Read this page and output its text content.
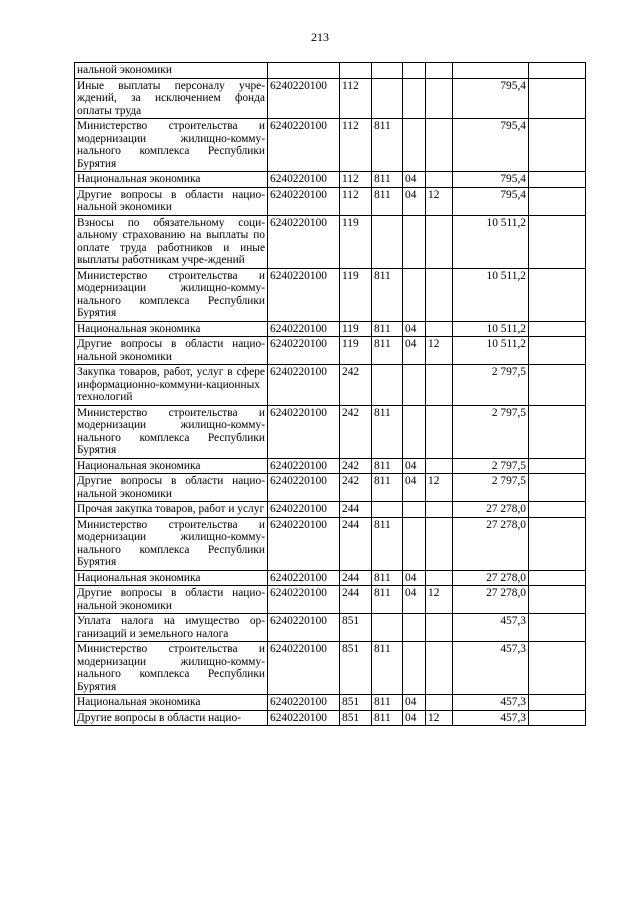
213
нальной экономики							
Иные выплаты персоналу учре-ждений, за исключением фонда оплаты труда	6240220100	112				795,4	
Министерство строительства и модернизации жилищно-комму-нального комплекса Республики Бурятия	6240220100	112	811			795,4	
Национальная экономика	6240220100	112	811	04		795,4	
Другие вопросы в области нацио-нальной экономики	6240220100	112	811	04	12	795,4	
Взносы по обязательному соци-альному страхованию на выплаты по оплате труда работников и иные выплаты работникам учре-ждений	6240220100	119				10 511,2	
Министерство строительства и модернизации жилищно-комму-нального комплекса Республики Бурятия	6240220100	119	811			10 511,2	
Национальная экономика	6240220100	119	811	04		10 511,2	
Другие вопросы в области нацио-нальной экономики	6240220100	119	811	04	12	10 511,2	
Закупка товаров, работ, услуг в сфере информационно-коммуни-кационных технологий	6240220100	242				2 797,5	
Министерство строительства и модернизации жилищно-комму-нального комплекса Республики Бурятия	6240220100	242	811			2 797,5	
Национальная экономика	6240220100	242	811	04		2 797,5	
Другие вопросы в области нацио-нальной экономики	6240220100	242	811	04	12	2 797,5	
Прочая закупка товаров, работ и услуг	6240220100	244				27 278,0	
Министерство строительства и модернизации жилищно-комму-нального комплекса Республики Бурятия	6240220100	244	811			27 278,0	
Национальная экономика	6240220100	244	811	04		27 278,0	
Другие вопросы в области нацио-нальной экономики	6240220100	244	811	04	12	27 278,0	
Уплата налога на имущество ор-ганизаций и земельного налога	6240220100	851				457,3	
Министерство строительства и модернизации жилищно-комму-нального комплекса Республики Бурятия	6240220100	851	811			457,3	
Национальная экономика	6240220100	851	811	04		457,3	
Другие вопросы в области нацио-	6240220100	851	811	04	12	457,3	
